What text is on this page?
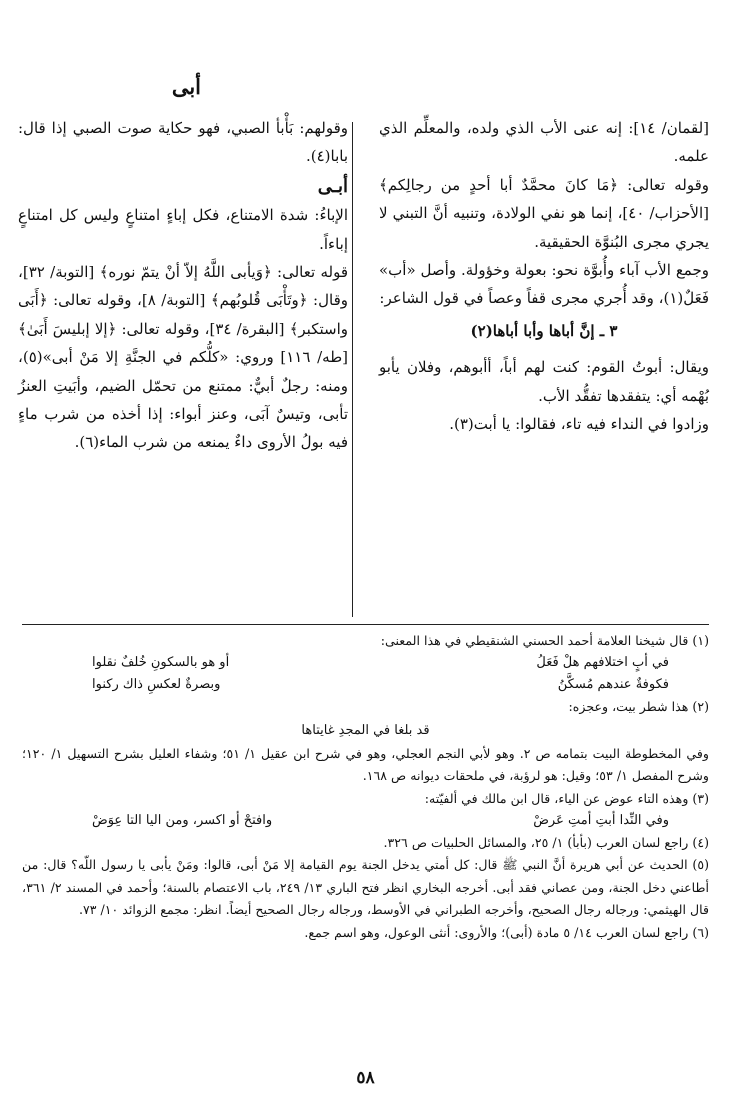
أبى

[لقمان/ ١٤]: إنه عنى الأب الذي ولده، والمعلِّم الذي علمه.

وقوله تعالى: ﴿مَا كانَ محمَّدٌ أبا أحدٍ من رجالِكم﴾ [الأحزاب/ ٤٠]، إنما هو نفي الولادة، وتنبيه أنَّ التبني لا يجري مجرى البُنوَّة الحقيقية.

وجمع الأب آباء وأُبوَّة نحو: بعولة وخؤولة. وأصل «أب» فَعَلٌ(١)، وقد أُجري مجرى قفاً وعصاً في قول الشاعر:

٣ ـ إنَّ أباها وأبا أباها(٢)

ويقال: أبوتُ القوم: كنت لهم أباً، أأبوهم، وفلان يأبو بُهْمه أي: يتفقدها تفقُّد الأب.

وزادوا في النداء فيه تاء، فقالوا: يا أبت(٣).

وقولهم: بَأْبأ الصبي، فهو حكاية صوت الصبي إذا قال: بابا(٤).

أبـى

الإباءُ: شدة الامتناع، فكل إباءٍ امتناعٍ وليس كل امتناعٍ إباءاً.

قوله تعالى: ﴿وَيأبى اللَّهُ إلاّ أنْ يتمّ نوره﴾ [التوبة/ ٣٢]، وقال: ﴿وتَأْبَى قُلوبُهم﴾ [التوبة/ ٨]، وقوله تعالى: ﴿أَبَى واستكبر﴾ [البقرة/ ٣٤]، وقوله تعالى: ﴿إلا إبليسَ أَبَىٰ﴾ [طه/ ١١٦] وروي: «كلُّكم في الجنَّةِ إلا مَنْ أبى»(٥)، ومنه: رجلٌ أبيٌّ: ممتنع من تحمّل الضيم، وأبَيتِ العنزُ تأبى، وتيسٌ آبَى، وعنز أبواء: إذا أخذه من شرب ماءٍ فيه بولُ الأروى داءٌ يمنعه من شرب الماء(٦).

(١) قال شيخنا العلامة أحمد الحسني الشنقيطي في هذا المعنى:

في أبٍ اختلافهم هلْ فَعَلُ
أو هو بالسكونِ خُلفٌ نقلوا
فكوفةٌ عندهم مُسكَّنُ
وبصرةٌ لعكسِ ذاك ركنوا

(٢) هذا شطر بيت، وعجزه:

قد بلغا في المجدِ غايتاها

وفي المخطوطة البيت بتمامه ص ٢. وهو لأبي النجم العجلي، وهو في شرح ابن عقيل ١/ ٥١؛ وشفاء العليل بشرح التسهيل ١/ ١٢٠؛ وشرح المفصل ١/ ٥٣؛ وقيل: هو لرؤبة، في ملحقات ديوانه ص ١٦٨.

(٣) وهذه التاء عوض عن الياء، قال ابن مالك في ألفيّته:

وفي النِّدا أبتِ أمتِ عَرضْ
وافتحْ أو اكسر، ومن اليا التا عِوَضْ

(٤) راجع لسان العرب (بأبأ) ١/ ٢٥، والمسائل الحلبيات ص ٣٢٦.

(٥) الحديث عن أبي هريرة أنَّ النبي ﷺ قال: كل أمتي يدخل الجنة يوم القيامة إلا مَنْ أبى، قالوا: ومَنْ يأبى يا رسول اللّه؟ قال: من أطاعني دخل الجنة، ومن عصاني فقد أبى. أخرجه البخاري انظر فتح الباري ١٣/ ٢٤٩، باب الاعتصام بالسنة؛ وأحمد في المسند ٢/ ٣٦١، قال الهيثمي: ورجاله رجال الصحيح، وأخرجه الطبراني في الأوسط، ورجاله رجال الصحيح أيضاً. انظر: مجمع الزوائد ١٠/ ٧٣.

(٦) راجع لسان العرب ١٤/ ٥ مادة (أبى)؛ والأروى: أنثى الوعول، وهو اسم جمع.

٥٨
